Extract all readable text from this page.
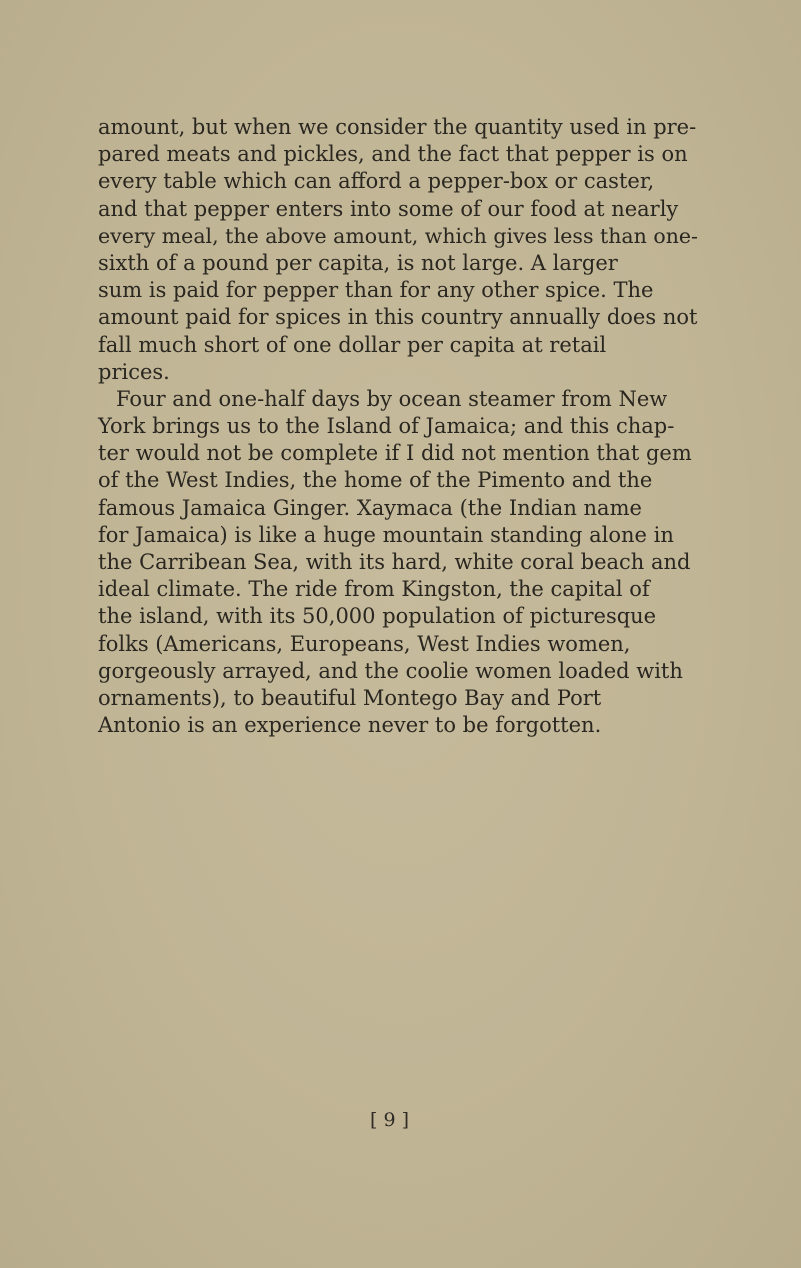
amount, but when we consider the quantity used in pre-
pared meats and pickles, and the fact that pepper is on
every table which can afford a pepper-box or caster,
and that pepper enters into some of our food at nearly
every meal, the above amount, which gives less than one-
sixth of a pound per capita, is not large. A larger
sum is paid for pepper than for any other spice. The
amount paid for spices in this country annually does not
fall much short of one dollar per capita at retail
prices.
Four and one-half days by ocean steamer from New
York brings us to the Island of Jamaica; and this chap-
ter would not be complete if I did not mention that gem
of the West Indies, the home of the Pimento and the
famous Jamaica Ginger. Xaymaca (the Indian name
for Jamaica) is like a huge mountain standing alone in
the Carribean Sea, with its hard, white coral beach and
ideal climate. The ride from Kingston, the capital of
the island, with its 50,000 population of picturesque
folks (Americans, Europeans, West Indies women,
gorgeously arrayed, and the coolie women loaded with
ornaments), to beautiful Montego Bay and Port
Antonio is an experience never to be forgotten.
[ 9 ]
